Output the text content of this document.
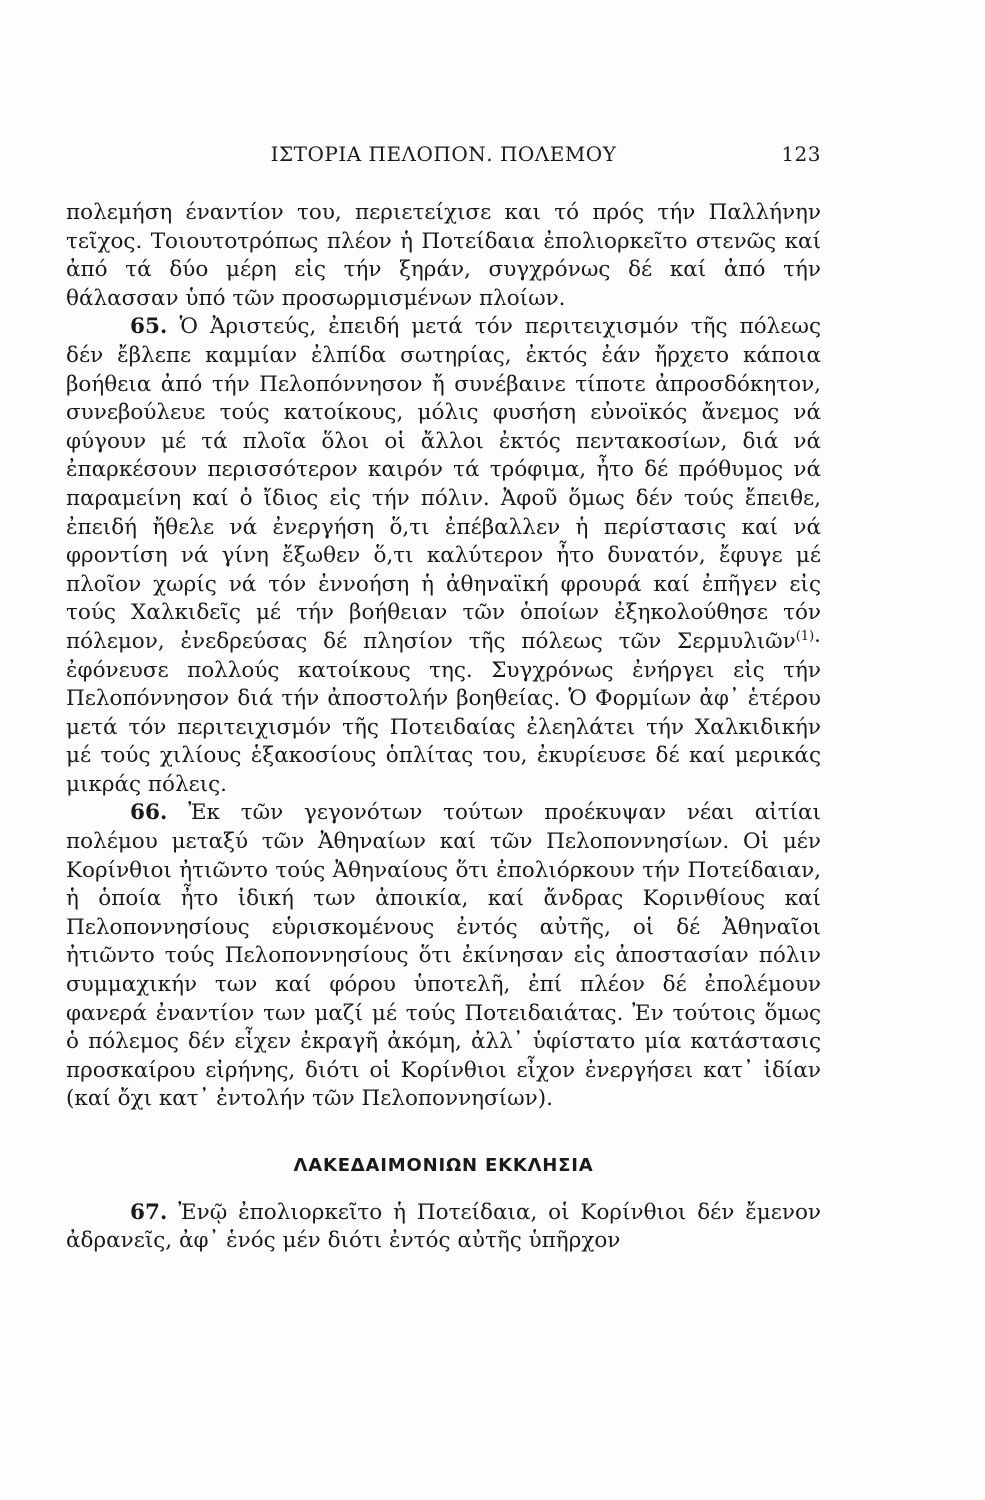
ΙΣΤΟΡΙΑ ΠΕΛΟΠΟΝ. ΠΟΛΕΜΟΥ	123

πολεμήση έναντίον του, περιετείχισε και τό πρός τήν Παλλήνην τεῖχος. Τοιουτοτρόπως πλέον ἡ Ποτείδαια ἐπολιορκεῖτο στενῶς καί ἀπό τά δύο μέρη εἰς τήν ξηράν, συγχρόνως δέ καί ἀπό τήν θάλασσαν ὑπό τῶν προσωρμισμένων πλοίων.

65. Ὁ Ἀριστεύς, ἐπειδή μετά τόν περιτειχισμόν τῆς πόλεως δέν ἔβλεπε καμμίαν ἐλπίδα σωτηρίας, ἐκτός ἐάν ἤρχετο κάποια βοήθεια ἀπό τήν Πελοπόννησον ἤ συνέβαινε τίποτε ἀπροσδόκητον, συνεβούλευε τούς κατοίκους, μόλις φυσήση εὐνοϊκός ἄνεμος νά φύγουν μέ τά πλοῖα ὅλοι οἱ ἄλλοι ἐκτός πεντακοσίων, διά νά ἐπαρκέσουν περισσότερον καιρόν τά τρόφιμα, ἦτο δέ πρόθυμος νά παραμείνη καί ὁ ἴδιος εἰς τήν πόλιν. Ἀφοῦ ὅμως δέν τούς ἔπειθε, ἐπειδή ἤθελε νά ἐνεργήση ὅ,τι ἐπέβαλλεν ἡ περίστασις καί νά φροντίση νά γίνη ἔξωθεν ὅ,τι καλύτερον ἦτο δυνατόν, ἔφυγε μέ πλοῖον χωρίς νά τόν ἐννοήση ἡ ἀθηναϊκή φρουρά καί ἐπῆγεν εἰς τούς Χαλκιδεῖς μέ τήν βοήθειαν τῶν ὁποίων ἐξηκολούθησε τόν πόλεμον, ἐνεδρεύσας δέ πλησίον τῆς πόλεως τῶν Σερμυλιῶν$^{(1)}$· ἐφόνευσε πολλούς κατοίκους της. Συγχρόνως ἐνήργει εἰς τήν Πελοπόννησον διά τήν ἀποστολήν βοηθείας. Ὁ Φορμίων ἀφ᾽ ἑτέρου μετά τόν περιτειχισμόν τῆς Ποτειδαίας ἐλεηλάτει τήν Χαλκιδικήν μέ τούς χιλίους ἑξακοσίους ὁπλίτας του, ἐκυρίευσε δέ καί μερικάς μικράς πόλεις.

66. Ἐκ τῶν γεγονότων τούτων προέκυψαν νέαι αἰτίαι πολέμου μεταξύ τῶν Ἀθηναίων καί τῶν Πελοποννησίων. Οἱ μέν Κορίνθιοι ἠτιῶντο τούς Ἀθηναίους ὅτι ἐπολιόρκουν τήν Ποτείδαιαν, ἡ ὁποία ἦτο ἰδική των ἀποικία, καί ἄνδρας Κορινθίους καί Πελοποννησίους εὑρισκομένους ἐντός αὐτῆς, οἱ δέ Ἀθηναῖοι ἠτιῶντο τούς Πελοποννησίους ὅτι ἐκίνησαν εἰς ἀποστασίαν πόλιν συμμαχικήν των καί φόρου ὑποτελῆ, ἐπί πλέον δέ ἐπολέμουν φανερά ἐναντίον των μαζί μέ τούς Ποτειδαιάτας. Ἐν τούτοις ὅμως ὁ πόλεμος δέν εἶχεν ἐκραγῆ ἀκόμη, ἀλλ᾽ ὑφίστατο μία κατάστασις προσκαίρου εἰρήνης, διότι οἱ Κορίνθιοι εἶχον ἐνεργήσει κατ᾽ ἰδίαν (καί ὄχι κατ᾽ ἐντολήν τῶν Πελοποννησίων).

ΛΑΚΕΔΑΙΜΟΝΙΩΝ ΕΚΚΛΗΣΙΑ

67. Ἐνῷ ἐπολιορκεῖτο ἡ Ποτείδαια, οἱ Κορίνθιοι δέν ἔμενον ἀδρανεῖς, ἀφ᾽ ἑνός μέν διότι ἐντός αὐτῆς ὑπῆρχον
